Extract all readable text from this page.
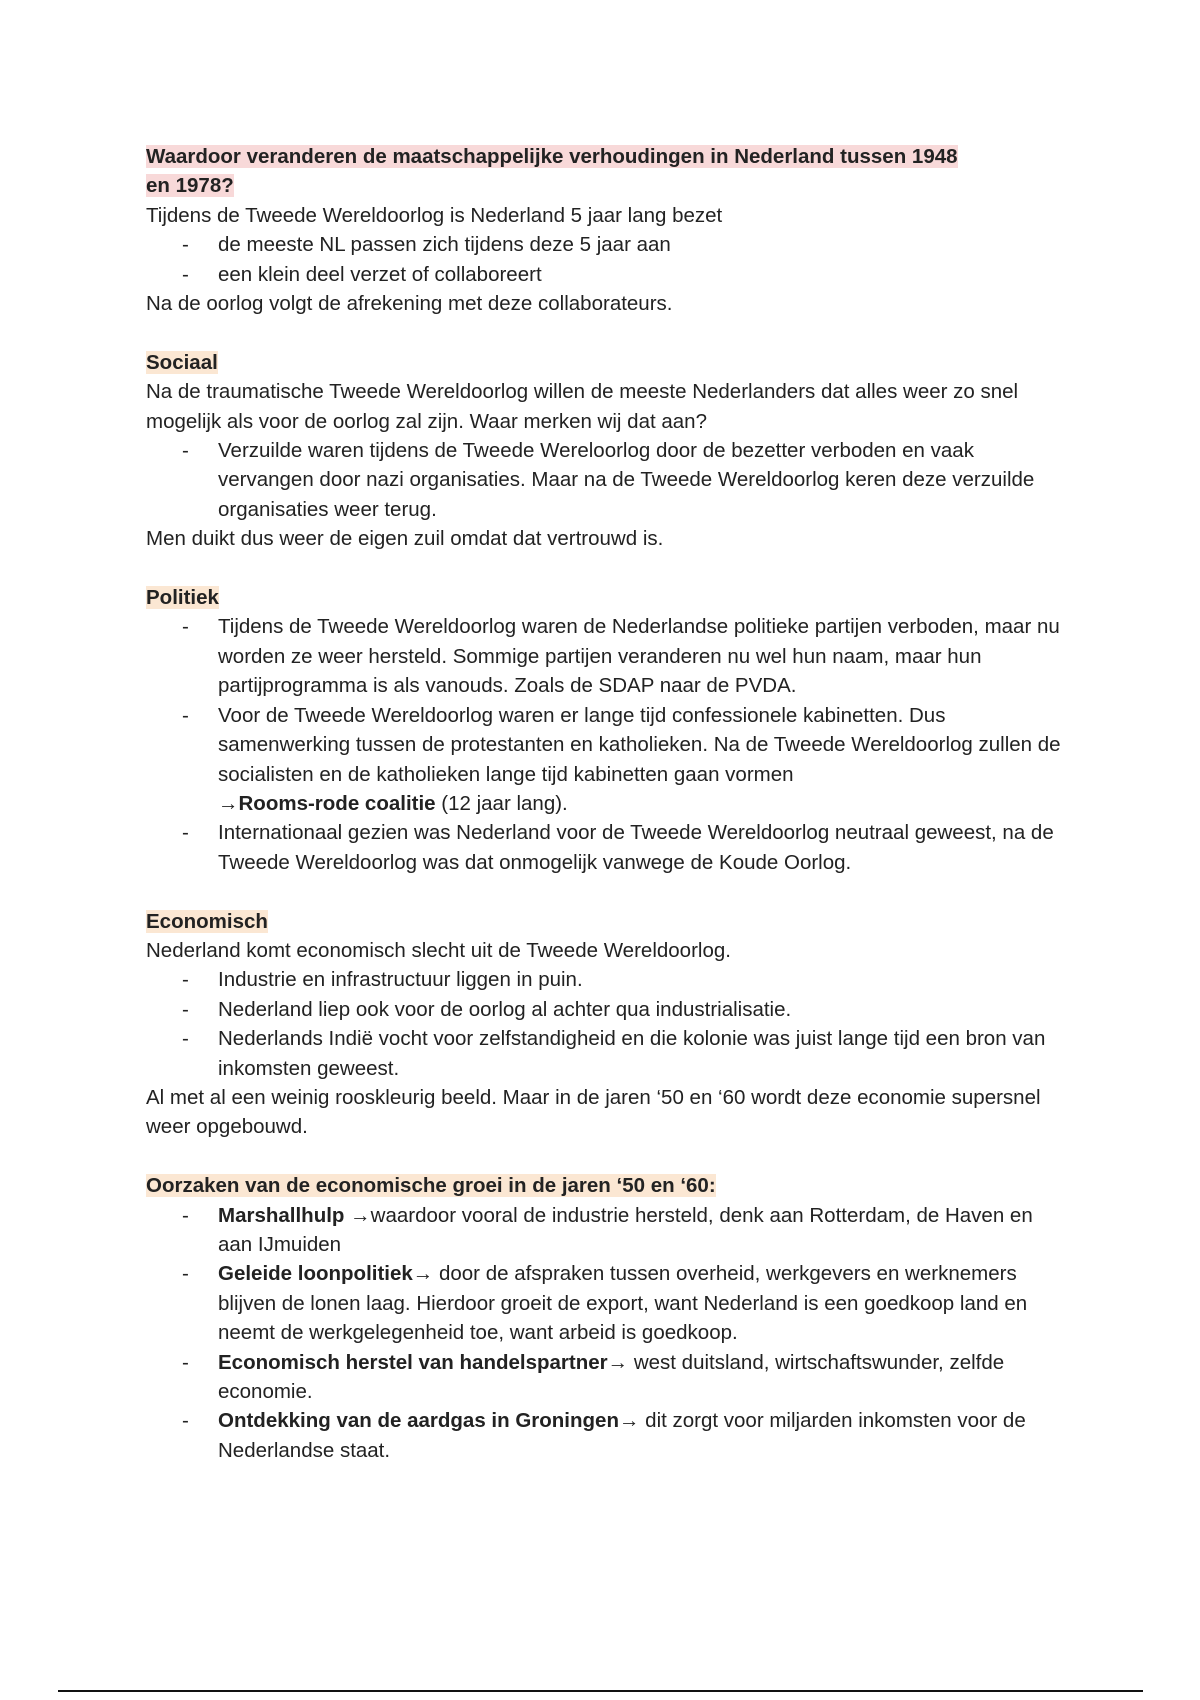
Waardoor veranderen de maatschappelijke verhoudingen in Nederland tussen 1948
en 1978?

Tijdens de Tweede Wereldoorlog is Nederland 5 jaar lang bezet

- de meeste NL passen zich tijdens deze 5 jaar aan
- een klein deel verzet of collaboreert

Na de oorlog volgt de afrekening met deze collaborateurs.

Sociaal

Na de traumatische Tweede Wereldoorlog willen de meeste Nederlanders dat alles weer zo snel mogelijk als voor de oorlog zal zijn. Waar merken wij dat aan?

- Verzuilde waren tijdens de Tweede Wereloorlog door de bezetter verboden en vaak vervangen door nazi organisaties. Maar na de Tweede Wereldoorlog keren deze verzuilde organisaties weer terug.

Men duikt dus weer de eigen zuil omdat dat vertrouwd is.

Politiek

- Tijdens de Tweede Wereldoorlog waren de Nederlandse politieke partijen verboden, maar nu worden ze weer hersteld. Sommige partijen veranderen nu wel hun naam, maar hun partijprogramma is als vanouds. Zoals de SDAP naar de PVDA.
- Voor de Tweede Wereldoorlog waren er lange tijd confessionele kabinetten. Dus samenwerking tussen de protestanten en katholieken. Na de Tweede Wereldoorlog zullen de socialisten en de katholieken lange tijd kabinetten gaan vormen
→Rooms-rode coalitie (12 jaar lang).
- Internationaal gezien was Nederland voor de Tweede Wereldoorlog neutraal geweest, na de Tweede Wereldoorlog was dat onmogelijk vanwege de Koude Oorlog.

Economisch

Nederland komt economisch slecht uit de Tweede Wereldoorlog.

- Industrie en infrastructuur liggen in puin.
- Nederland liep ook voor de oorlog al achter qua industrialisatie.
- Nederlands Indië vocht voor zelfstandigheid en die kolonie was juist lange tijd een bron van inkomsten geweest.

Al met al een weinig rooskleurig beeld. Maar in de jaren ‘50 en ‘60 wordt deze economie supersnel weer opgebouwd.

Oorzaken van de economische groei in de jaren ‘50 en ‘60:

- Marshallhulp →waardoor vooral de industrie hersteld, denk aan Rotterdam, de Haven en aan IJmuiden
- Geleide loonpolitiek→ door de afspraken tussen overheid, werkgevers en werknemers blijven de lonen laag. Hierdoor groeit de export, want Nederland is een goedkoop land en neemt de werkgelegenheid toe, want arbeid is goedkoop.
- Economisch herstel van handelspartner→ west duitsland, wirtschaftswunder, zelfde economie.
- Ontdekking van de aardgas in Groningen→ dit zorgt voor miljarden inkomsten voor de Nederlandse staat.
